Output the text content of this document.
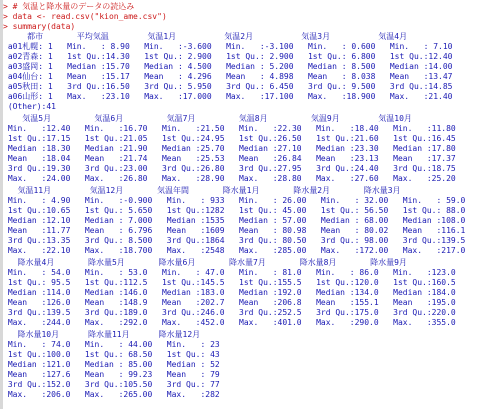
> # 気温と降水量のデータの読込み
> data <- read.csv("kion_ame.csv")
> summary(data)
都市       平均気温        気温1月          気温2月          気温3月          気温4月
a01札幌: 1   Min.   : 8.90   Min.   :-3.600   Min.   :-3.100   Min.   : 0.600   Min.   : 7.10
a02青森: 1   1st Qu.:14.30   1st Qu.: 2.900   1st Qu.: 2.900   1st Qu.: 6.800   1st Qu.:12.40
a03盛岡: 1   Median :15.70   Median : 4.500   Median : 5.200   Median : 8.500   Median :14.00
a04仙台: 1   Mean   :15.17   Mean   : 4.296   Mean   : 4.898   Mean   : 8.038   Mean   :13.47
a05秋田: 1   3rd Qu.:16.50   3rd Qu.: 5.950   3rd Qu.: 6.450   3rd Qu.: 9.500   3rd Qu.:14.85
a06山形: 1   Max.   :23.10   Max.   :17.000   Max.   :17.100   Max.   :18.900   Max.   :21.40
(Other):41
気温5月         気温6月         気温7月         気温8月         気温9月        気温10月
Min.   :12.40   Min.   :16.70   Min.   :21.50   Min.   :22.30   Min.   :18.40   Min.   :11.80
1st Qu.:17.15   1st Qu.:21.05   1st Qu.:24.95   1st Qu.:26.50   1st Qu.:21.60   1st Qu.:16.45
Median :18.30   Median :21.90   Median :25.70   Median :27.10   Median :23.30   Median :17.80
Mean   :18.04   Mean   :21.74   Mean   :25.53   Mean   :26.84   Mean   :23.13   Mean   :17.37
3rd Qu.:19.30   3rd Qu.:23.00   3rd Qu.:26.80   3rd Qu.:27.95   3rd Qu.:24.40   3rd Qu.:18.75
Max.   :24.00   Max.   :26.80   Max.   :28.90   Max.   :28.80   Max.   :27.60   Max.   :25.20
気温11月        気温12月       気温年間       降水量1月       降水量2月       降水量3月
Min.   : 4.90   Min.   :-0.900   Min.   : 933   Min.   : 26.00   Min.   : 32.00   Min.   : 59.0
1st Qu.:10.65   1st Qu.: 5.650   1st Qu.:1282   1st Qu.: 45.00   1st Qu.: 56.50   1st Qu.: 88.0
Median :12.10   Median : 7.000   Median :1535   Median : 57.00   Median : 68.00   Median :108.0
Mean   :11.77   Mean   : 6.796   Mean   :1609   Mean   : 80.98   Mean   : 80.02   Mean   :116.1
3rd Qu.:13.35   3rd Qu.: 8.500   3rd Qu.:1864   3rd Qu.: 80.50   3rd Qu.: 98.00   3rd Qu.:139.5
Max.   :22.10   Max.   :18.700   Max.   :2548   Max.   :285.00   Max.   :172.00   Max.   :217.0
降水量4月       降水量5月       降水量6月       降水量7月       降水量8月       降水量9月
Min.   : 54.0   Min.   : 53.0   Min.   : 47.0   Min.   : 81.0   Min.   : 86.0   Min.   :123.0
1st Qu.: 95.5   1st Qu.:112.5   1st Qu.:145.5   1st Qu.:155.5   1st Qu.:120.0   1st Qu.:160.5
Median :114.0   Median :146.0   Median :183.0   Median :192.0   Median :134.0   Median :184.0
Mean   :126.0   Mean   :148.9   Mean   :202.7   Mean   :206.8   Mean   :155.1   Mean   :195.0
3rd Qu.:139.5   3rd Qu.:189.0   3rd Qu.:246.0   3rd Qu.:252.5   3rd Qu.:175.0   3rd Qu.:220.0
Max.   :244.0   Max.   :292.0   Max.   :452.0   Max.   :401.0   Max.   :290.0   Max.   :355.0
降水量10月      降水量11月      降水量12月
Min.   : 74.0   Min.   : 44.00   Min.   : 23
1st Qu.:100.0   1st Qu.: 68.50   1st Qu.: 43
Median :121.0   Median : 85.00   Median : 52
Mean   :127.6   Mean   : 99.23   Mean   : 79
3rd Qu.:152.0   3rd Qu.:105.50   3rd Qu.: 77
Max.   :206.0   Max.   :265.00   Max.   :282
